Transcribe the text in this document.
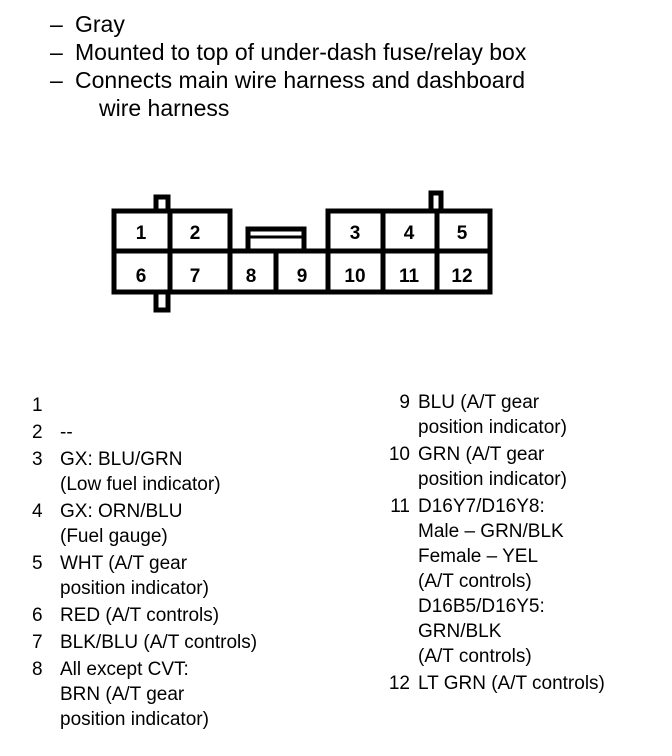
– Gray
– Mounted to top of under-dash fuse/relay box
– Connects main wire harness and dashboard
wire harness
1 2	3 4 5
6 7 8 9 10 11 12
1

2 --
3 GX: BLU/GRN
(Low fuel indicator)
4 GX: ORN/BLU
(Fuel gauge)
5 WHT (A/T gear
position indicator)
6 RED (A/T controls)
7 BLK/BLU (A/T controls)
8 All except CVT:
BRN (A/T gear
position indicator)
9 BLU (A/T gear
position indicator)
10 GRN (A/T gear
position indicator)
11 D16Y7/D16Y8:
Male – GRN/BLK
Female – YEL
(A/T controls)
D16B5/D16Y5:
GRN/BLK
(A/T controls)
12 LT GRN (A/T controls)
